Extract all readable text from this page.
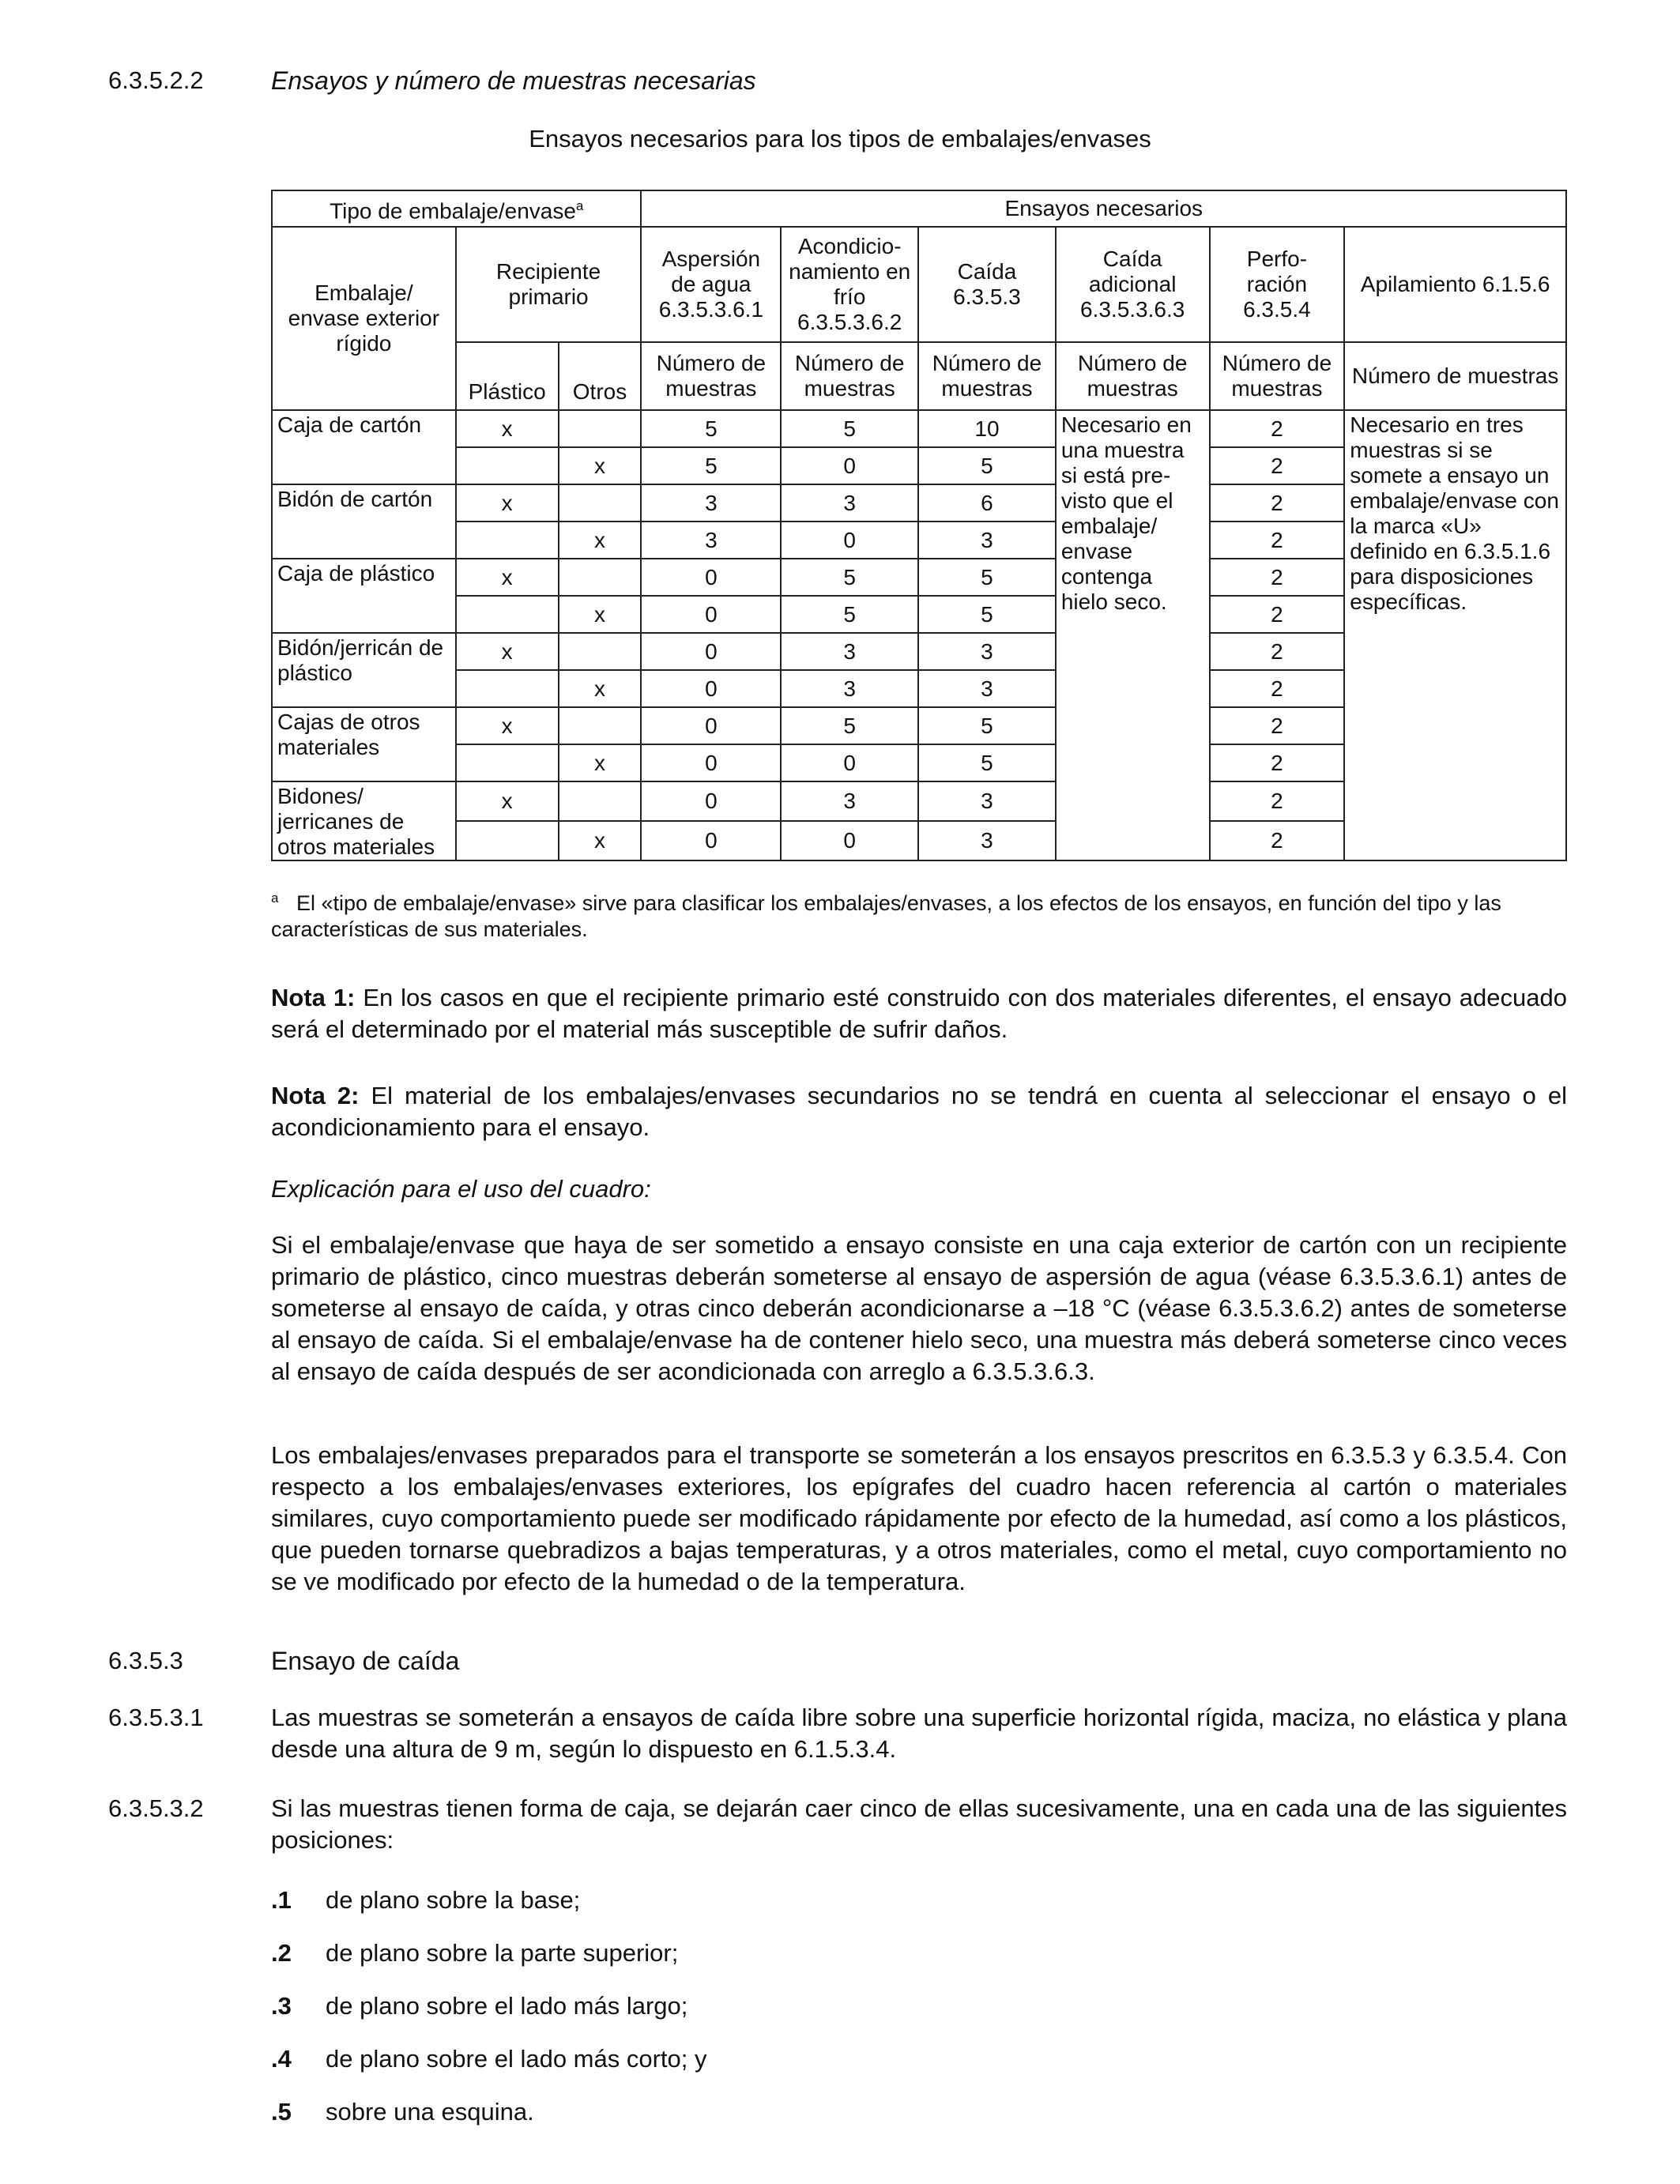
6.3.5.2.2	Ensayos y número de muestras necesarias
Ensayos necesarios para los tipos de embalajes/envases
Tipo de embalaje/envase$^a$			Ensayos necesarios					
Embalaje/ envase exterior rígido	Recipiente primario		Aspersión de agua 6.3.5.3.6.1	Acondicio- namiento en frío 6.3.5.3.6.2	Caída 6.3.5.3	Caída adicional 6.3.5.3.6.3	Perfo- ración 6.3.5.4	Apilamiento 6.1.5.6
	Plástico	Otros	Número de muestras	Número de muestras	Número de muestras	Número de muestras	Número de muestras	Número de muestras
Caja de cartón	x		5	5	10	Necesario en una muestra si está pre- visto que el embalaje/ envase contenga hielo seco.	2	Necesario en tres muestras si se somete a ensayo un embalaje/envase con la marca «U» definido en 6.3.5.1.6 para disposiciones específicas.
		x	5	0	5		2	
Bidón de cartón	x		3	3	6		2	
		x	3	0	3		2	
Caja de plástico	x		0	5	5		2	
		x	0	5	5		2	
Bidón/jerricán de plástico	x		0	3	3		2	
		x	0	3	3		2	
Cajas de otros materiales	x		0	5	5		2	
		x	0	0	5		2	
Bidones/ jerricanes de otros materiales	x		0	3	3		2	
		x	0	0	3		2	
$^a$ El «tipo de embalaje/envase» sirve para clasificar los embalajes/envases, a los efectos de los ensayos, en función del tipo y las características de sus materiales.
Nota 1: En los casos en que el recipiente primario esté construido con dos materiales diferentes, el ensayo adecuado será el determinado por el material más susceptible de sufrir daños.
Nota 2: El material de los embalajes/envases secundarios no se tendrá en cuenta al seleccionar el ensayo o el acondicionamiento para el ensayo.
Explicación para el uso del cuadro:
Si el embalaje/envase que haya de ser sometido a ensayo consiste en una caja exterior de cartón con un recipiente primario de plástico, cinco muestras deberán someterse al ensayo de aspersión de agua (véase 6.3.5.3.6.1) antes de someterse al ensayo de caída, y otras cinco deberán acondicionarse a –18 °C (véase 6.3.5.3.6.2) antes de someterse al ensayo de caída. Si el embalaje/envase ha de contener hielo seco, una muestra más deberá someterse cinco veces al ensayo de caída después de ser acondicionada con arreglo a 6.3.5.3.6.3.
Los embalajes/envases preparados para el transporte se someterán a los ensayos prescritos en 6.3.5.3 y 6.3.5.4. Con respecto a los embalajes/envases exteriores, los epígrafes del cuadro hacen referencia al cartón o materiales similares, cuyo comportamiento puede ser modificado rápidamente por efecto de la humedad, así como a los plásticos, que pueden tornarse quebradizos a bajas temperaturas, y a otros materiales, como el metal, cuyo comportamiento no se ve modificado por efecto de la humedad o de la temperatura.
6.3.5.3	Ensayo de caída
6.3.5.3.1	Las muestras se someterán a ensayos de caída libre sobre una superficie horizontal rígida, maciza, no elástica y plana desde una altura de 9 m, según lo dispuesto en 6.1.5.3.4.
6.3.5.3.2	Si las muestras tienen forma de caja, se dejarán caer cinco de ellas sucesivamente, una en cada una de las siguientes posiciones:
.1 de plano sobre la base;
.2 de plano sobre la parte superior;
.3 de plano sobre el lado más largo;
.4 de plano sobre el lado más corto; y
.5 sobre una esquina.
